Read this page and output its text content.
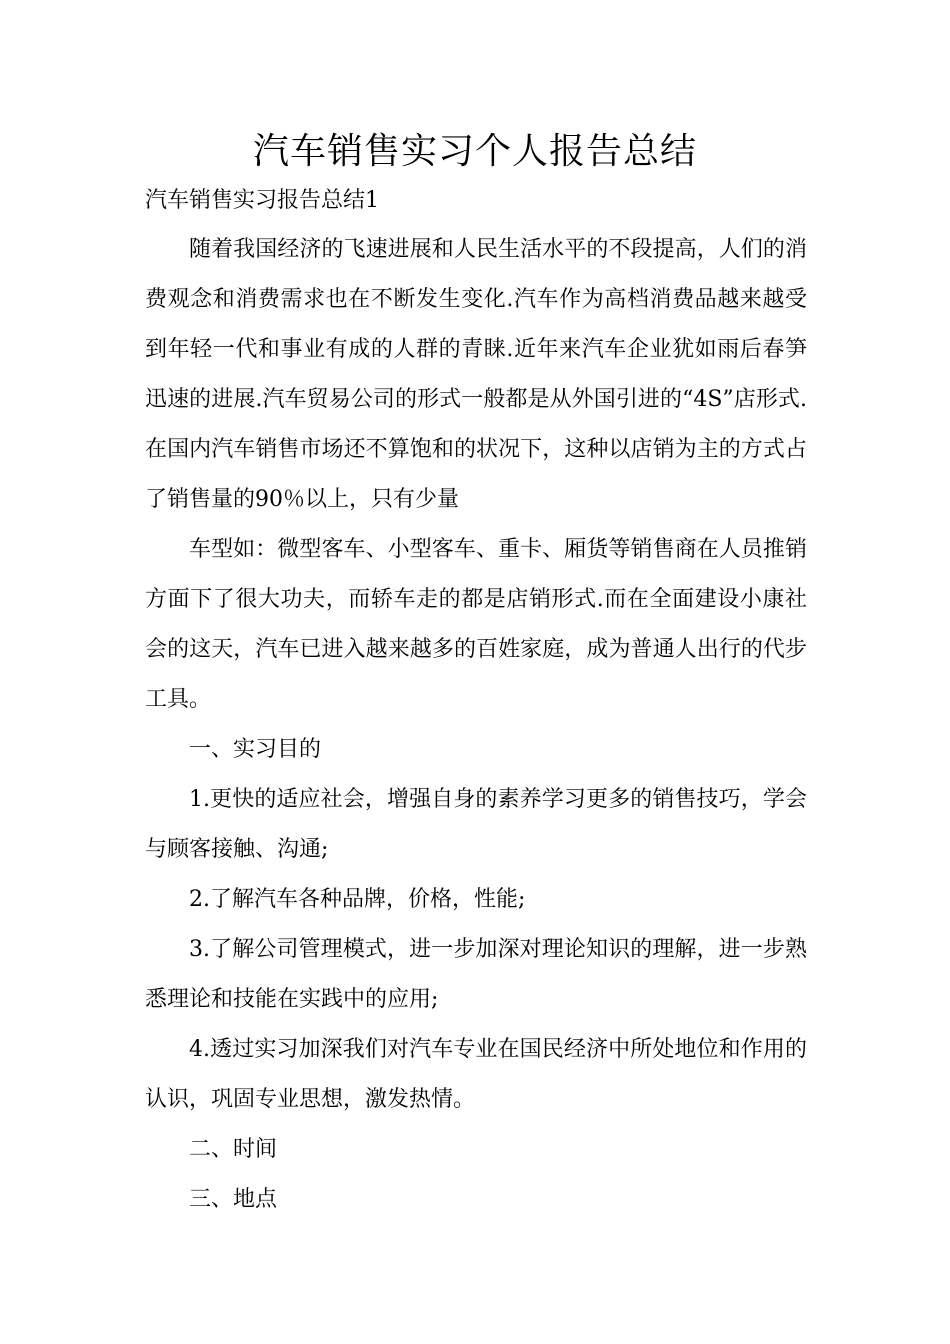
汽车销售实习个人报告总结
汽车销售实习报告总结1
随着我国经济的飞速进展和人民生活水平的不段提高，人们的消费观念和消费需求也在不断发生变化.汽车作为高档消费品越来越受到年轻一代和事业有成的人群的青睐.近年来汽车企业犹如雨后春笋迅速的进展.汽车贸易公司的形式一般都是从外国引进的“4S”店形式.在国内汽车销售市场还不算饱和的状况下，这种以店销为主的方式占了销售量的90％以上，只有少量
车型如：微型客车、小型客车、重卡、厢货等销售商在人员推销方面下了很大功夫，而轿车走的都是店销形式.而在全面建设小康社会的这天，汽车已进入越来越多的百姓家庭，成为普通人出行的代步工具。
一、实习目的
1.更快的适应社会，增强自身的素养学习更多的销售技巧，学会与顾客接触、沟通;
2.了解汽车各种品牌，价格，性能;
3.了解公司管理模式，进一步加深对理论知识的理解，进一步熟悉理论和技能在实践中的应用;
4.透过实习加深我们对汽车专业在国民经济中所处地位和作用的认识，巩固专业思想，激发热情。
二、时间
三、地点
